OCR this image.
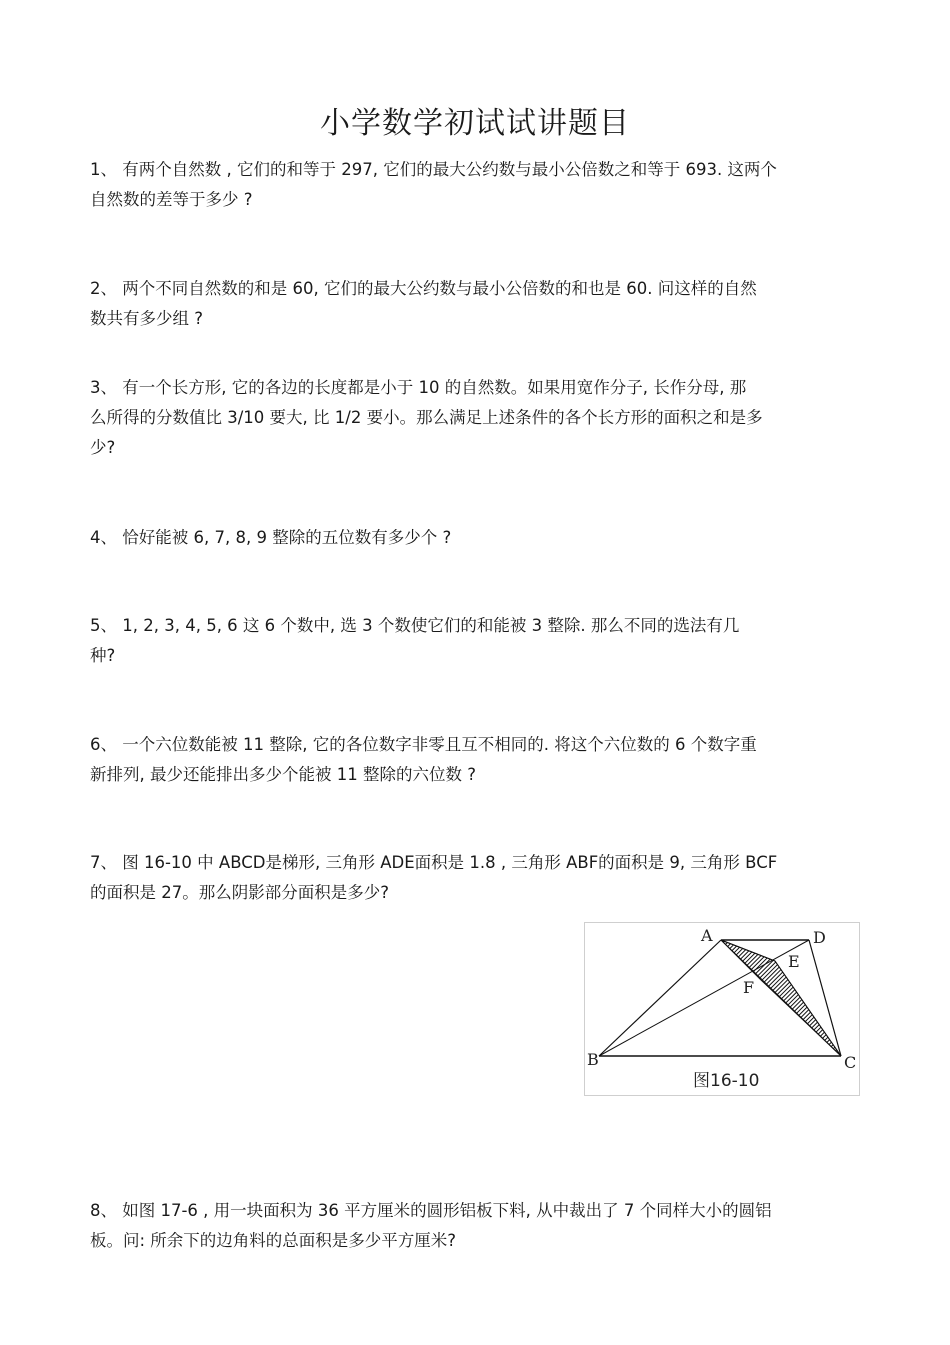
小学数学初试试讲题目
1、 有两个自然数 , 它们的和等于 297, 它们的最大公约数与最小公倍数之和等于 693. 这两个
自然数的差等于多少 ?
2、 两个不同自然数的和是 60, 它们的最大公约数与最小公倍数的和也是 60. 问这样的自然
数共有多少组 ?
3、 有一个长方形, 它的各边的长度都是小于 10 的自然数。如果用宽作分子, 长作分母, 那
么所得的分数值比 3/10 要大, 比 1/2 要小。那么满足上述条件的各个长方形的面积之和是多
少?
4、 恰好能被 6, 7, 8, 9 整除的五位数有多少个 ?
5、 1, 2, 3, 4, 5, 6 这 6 个数中, 选 3 个数使它们的和能被 3 整除. 那么不同的选法有几
种?
6、 一个六位数能被 11 整除, 它的各位数字非零且互不相同的. 将这个六位数的 6 个数字重
新排列, 最少还能排出多少个能被 11 整除的六位数 ?
7、 图 16-10 中 ABCD是梯形, 三角形 ADE面积是 1.8 , 三角形 ABF的面积是 9, 三角形 BCF
的面积是 27。那么阴影部分面积是多少?
A	D
E
F
B	C
图16-10
8、 如图 17-6 , 用一块面积为 36 平方厘米的圆形铝板下料, 从中裁出了 7 个同样大小的圆铝
板。问: 所余下的边角料的总面积是多少平方厘米?
